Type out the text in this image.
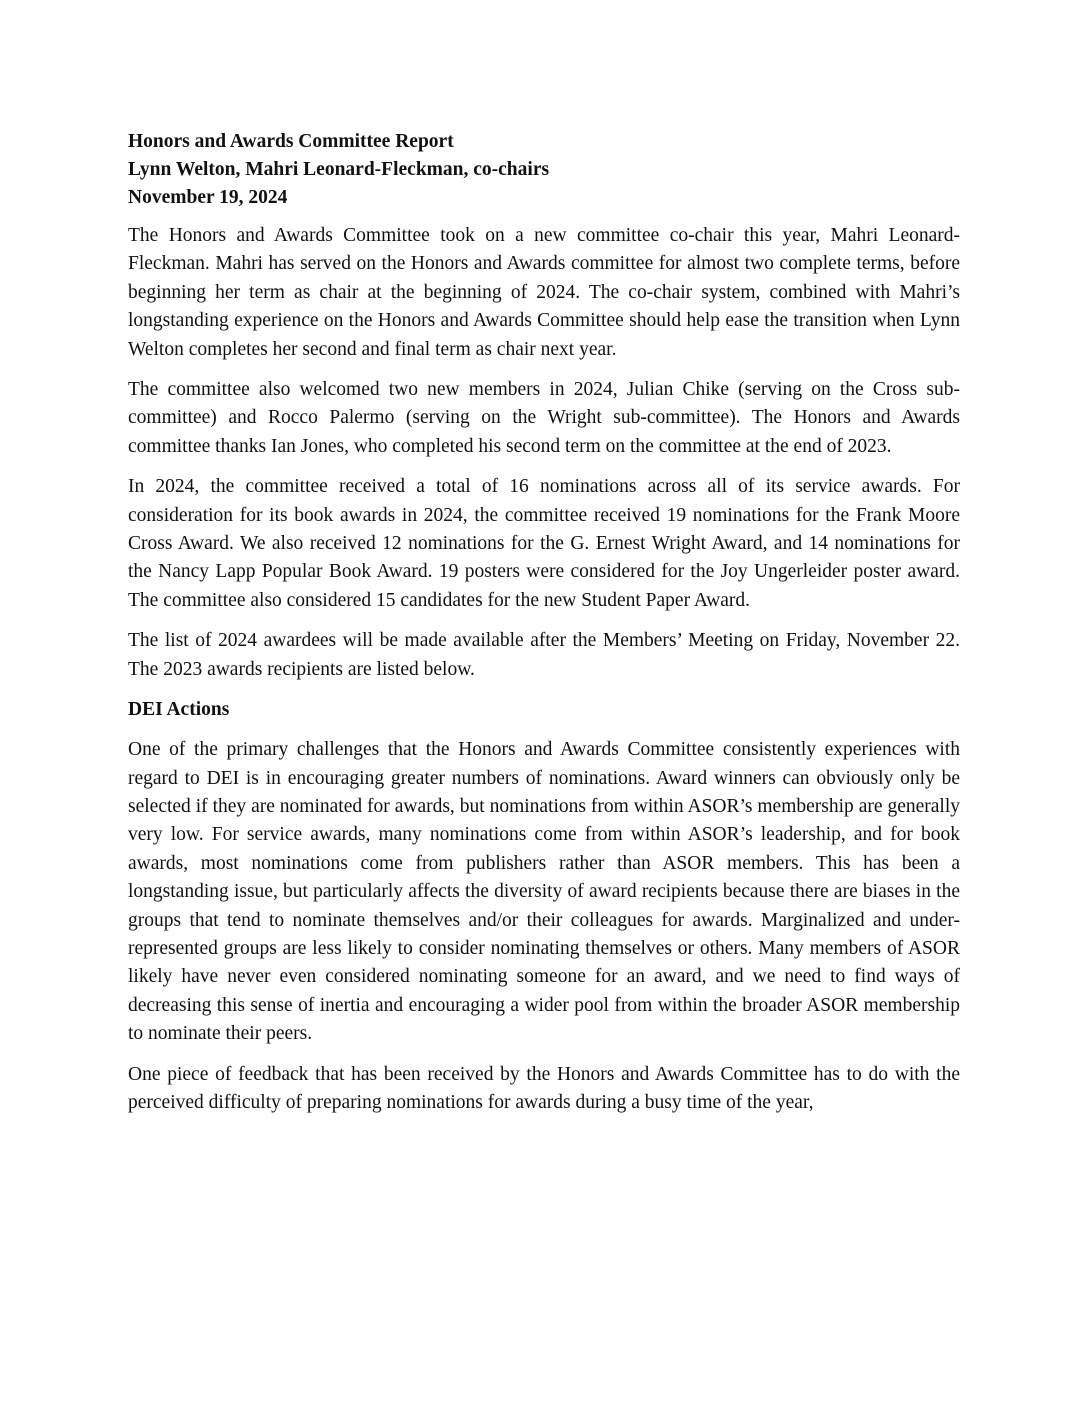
Honors and Awards Committee Report

Lynn Welton, Mahri Leonard-Fleckman, co-chairs

November 19, 2024

The Honors and Awards Committee took on a new committee co-chair this year, Mahri Leonard-Fleckman. Mahri has served on the Honors and Awards committee for almost two complete terms, before beginning her term as chair at the beginning of 2024. The co-chair system, combined with Mahri’s longstanding experience on the Honors and Awards Committee should help ease the transition when Lynn Welton completes her second and final term as chair next year.

The committee also welcomed two new members in 2024, Julian Chike (serving on the Cross sub-committee) and Rocco Palermo (serving on the Wright sub-committee). The Honors and Awards committee thanks Ian Jones, who completed his second term on the committee at the end of 2023.

In 2024, the committee received a total of 16 nominations across all of its service awards. For consideration for its book awards in 2024, the committee received 19 nominations for the Frank Moore Cross Award. We also received 12 nominations for the G. Ernest Wright Award, and 14 nominations for the Nancy Lapp Popular Book Award. 19 posters were considered for the Joy Ungerleider poster award. The committee also considered 15 candidates for the new Student Paper Award.

The list of 2024 awardees will be made available after the Members’ Meeting on Friday, November 22. The 2023 awards recipients are listed below.

DEI Actions

One of the primary challenges that the Honors and Awards Committee consistently experiences with regard to DEI is in encouraging greater numbers of nominations. Award winners can obviously only be selected if they are nominated for awards, but nominations from within ASOR’s membership are generally very low. For service awards, many nominations come from within ASOR’s leadership, and for book awards, most nominations come from publishers rather than ASOR members. This has been a longstanding issue, but particularly affects the diversity of award recipients because there are biases in the groups that tend to nominate themselves and/or their colleagues for awards. Marginalized and under-represented groups are less likely to consider nominating themselves or others. Many members of ASOR likely have never even considered nominating someone for an award, and we need to find ways of decreasing this sense of inertia and encouraging a wider pool from within the broader ASOR membership to nominate their peers.

One piece of feedback that has been received by the Honors and Awards Committee has to do with the perceived difficulty of preparing nominations for awards during a busy time of the year,
